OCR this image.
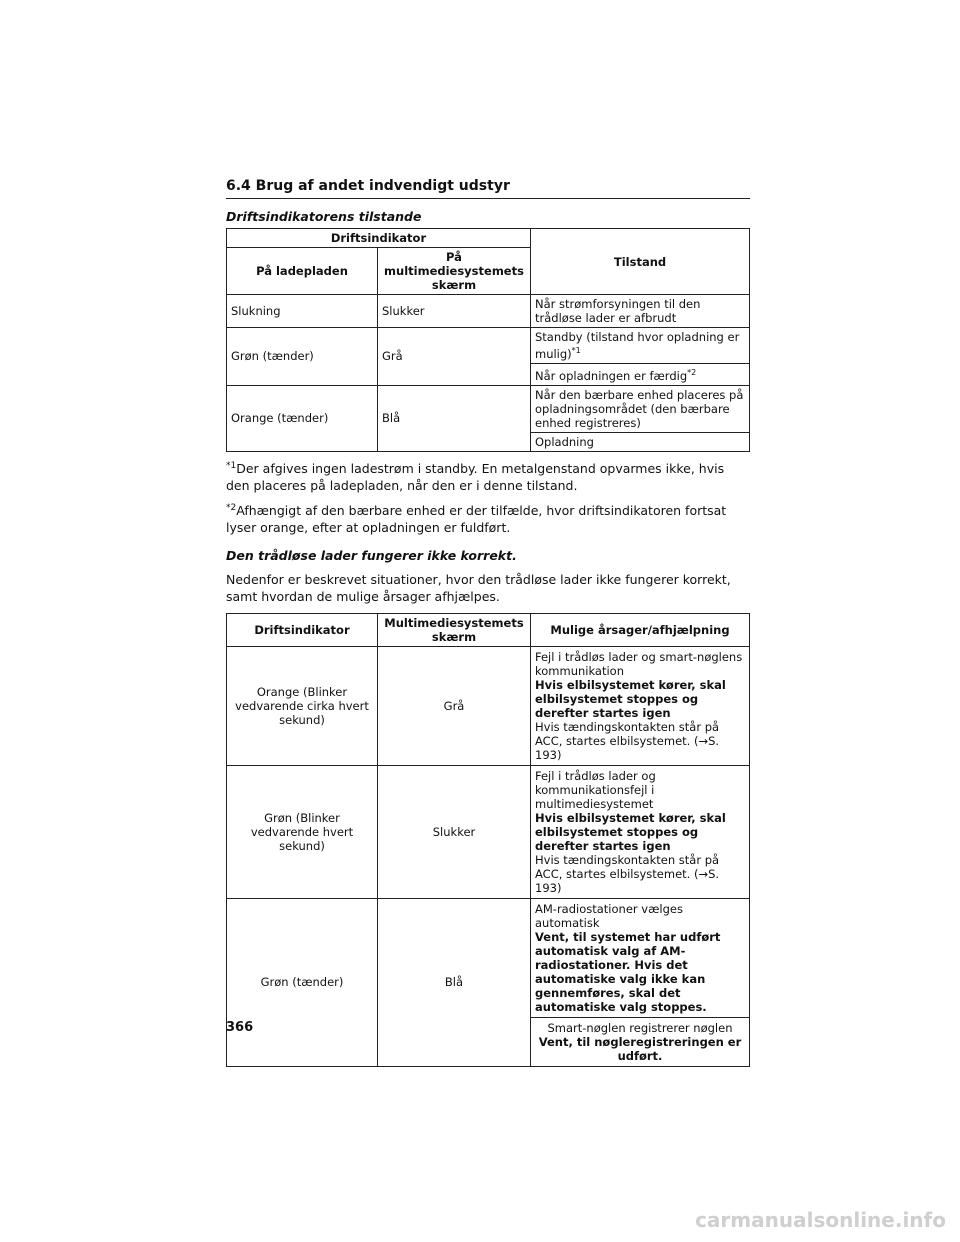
6.4 Brug af andet indvendigt udstyr
Driftsindikatorens tilstande
Driftsindikator		Tilstand
På ladepladen	På multimediesystemets skærm	
Slukning	Slukker	Når strømforsyningen til den trådløse lader er afbrudt
Grøn (tænder)	Grå	Standby (tilstand hvor opladning er mulig)$^{*1}$
		Når opladningen er færdig$^{*2}$
Orange (tænder)	Blå	Når den bærbare enhed placeres på opladningsområdet (den bærbare enhed registreres)
		Opladning

$^{*1}$Der afgives ingen ladestrøm i standby. En metalgenstand opvarmes ikke, hvis den placeres på ladepladen, når den er i denne tilstand.

$^{*2}$Afhængigt af den bærbare enhed er der tilfælde, hvor driftsindikatoren fortsat lyser orange, efter at opladningen er fuldført.

Den trådløse lader fungerer ikke korrekt.

Nedenfor er beskrevet situationer, hvor den trådløse lader ikke fungerer korrekt, samt hvordan de mulige årsager afhjælpes.

Driftsindikator	Multimediesystemets skærm	Mulige årsager/afhjælpning
Orange (Blinker vedvarende cirka hvert sekund)	Grå	Fejl i trådløs lader og smart-nøglens kommunikation
Hvis elbilsystemet kører, skal elbilsystemet stoppes og derefter startes igen
Hvis tændingskontakten står på ACC, startes elbilsystemet. (→S. 193)

Grøn (Blinker vedvarende hvert sekund)	Slukker	Fejl i trådløs lader og kommunikationsfejl i multimediesystemet
Hvis elbilsystemet kører, skal elbilsystemet stoppes og derefter startes igen
Hvis tændingskontakten står på ACC, startes elbilsystemet. (→S. 193)

Grøn (tænder)	Blå	AM-radiostationer vælges automatisk
Vent, til systemet har udført automatisk valg af AM-radiostationer. Hvis det automatiske valg ikke kan gennemføres, skal det automatiske valg stoppes.

		Smart-nøglen registrerer nøglen
Vent, til nøgleregistreringen er udført.
366
carmanualsonline.info
